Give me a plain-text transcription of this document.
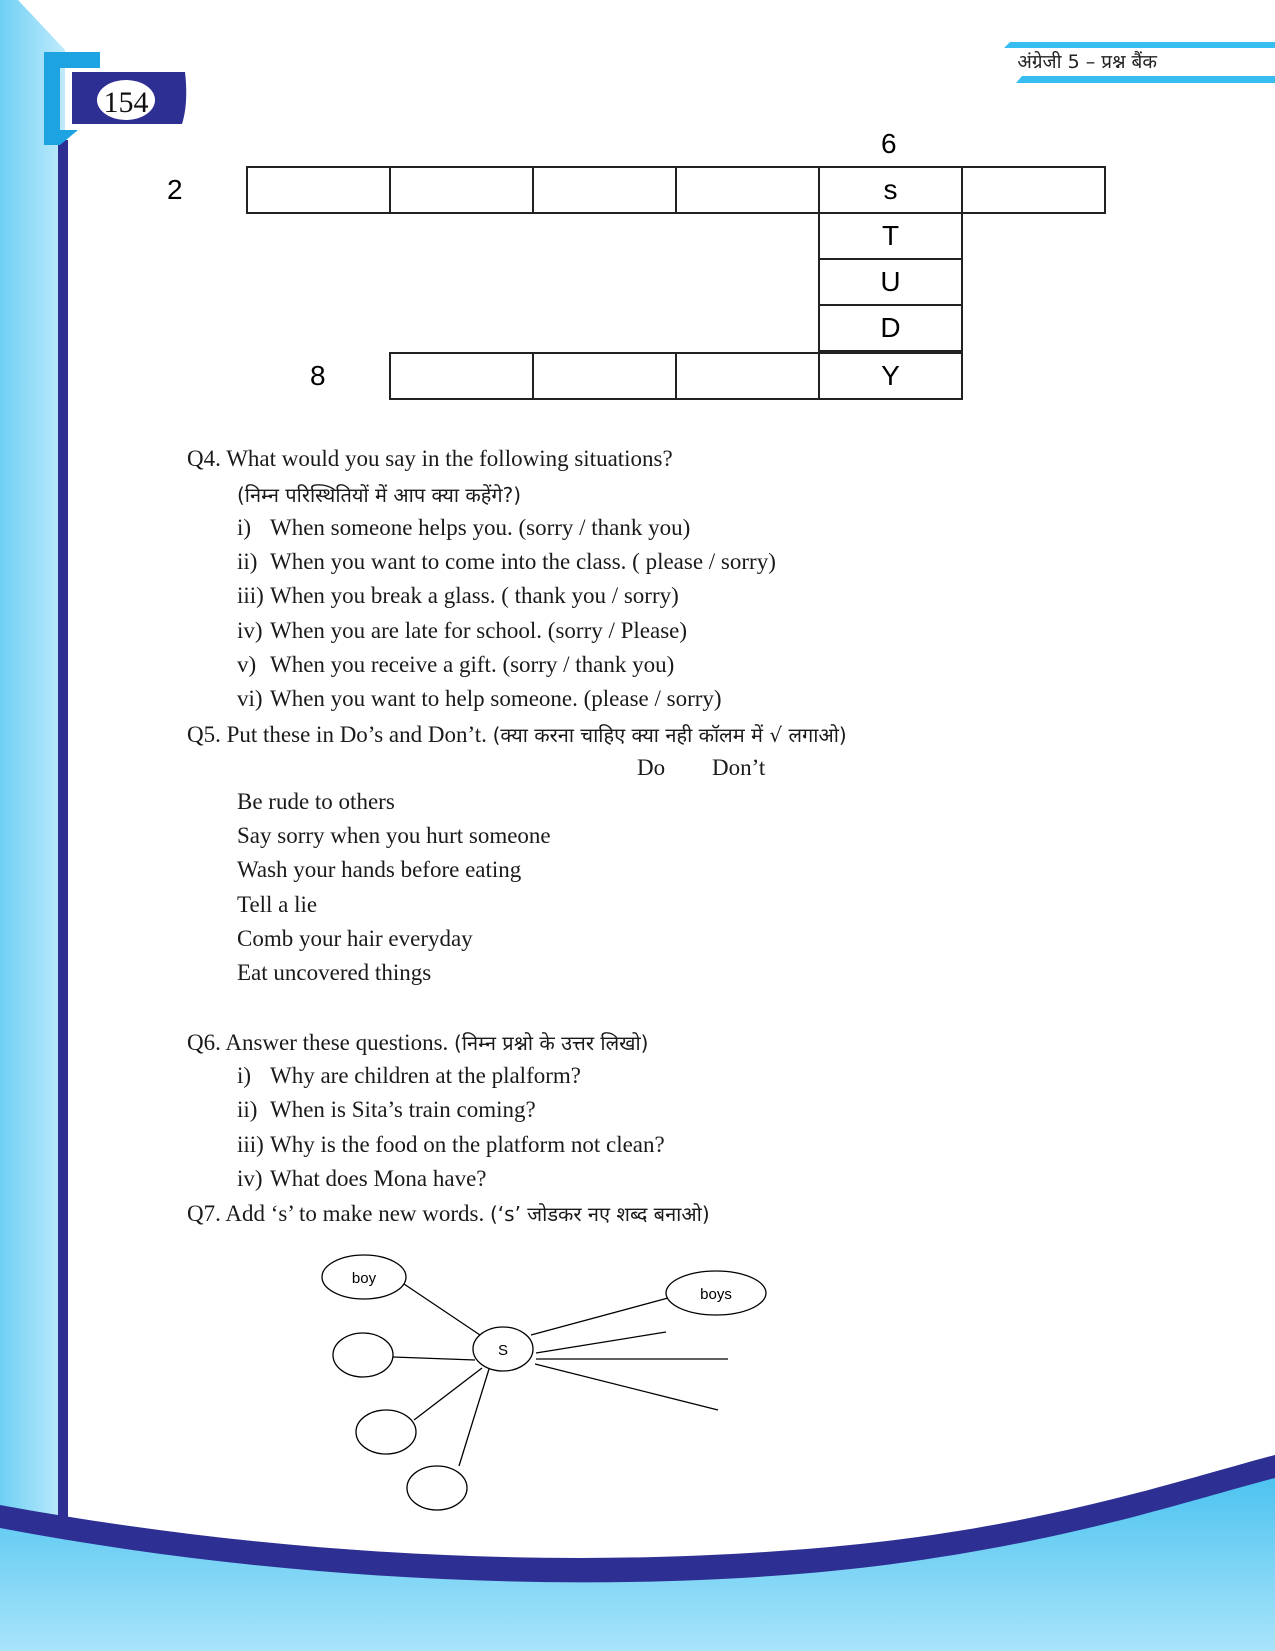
अंग्रेजी 5 – प्रश्न बैंक
154
6
2
8
s
T
U
D
Y
Q4. What would you say in the following situations?
(निम्न परिस्थितियों में आप क्या कहेंगे?)
i) When someone helps you. (sorry / thank you)
ii) When you want to come into the class. ( please / sorry)
iii) When you break a glass. ( thank you / sorry)
iv) When you are late for school. (sorry / Please)
v) When you receive a gift. (sorry / thank you)
vi) When you want to help someone. (please / sorry)
Q5. Put these in Do’s and Don’t. (क्या करना चाहिए क्या नही कॉलम में √ लगाओ)
Do Don’t
Be rude to others
Say sorry when you hurt someone
Wash your hands before eating
Tell a lie
Comb your hair everyday
Eat uncovered things
Q6. Answer these questions. (निम्न प्रश्नो के उत्तर लिखो)
i) Why are children at the plalform?
ii) When is Sita’s train coming?
iii) Why is the food on the platform not clean?
iv) What does Mona have?
Q7. Add ‘s’ to make new words. (‘s’ जोडकर नए शब्द बनाओ)
boy
boys
S
